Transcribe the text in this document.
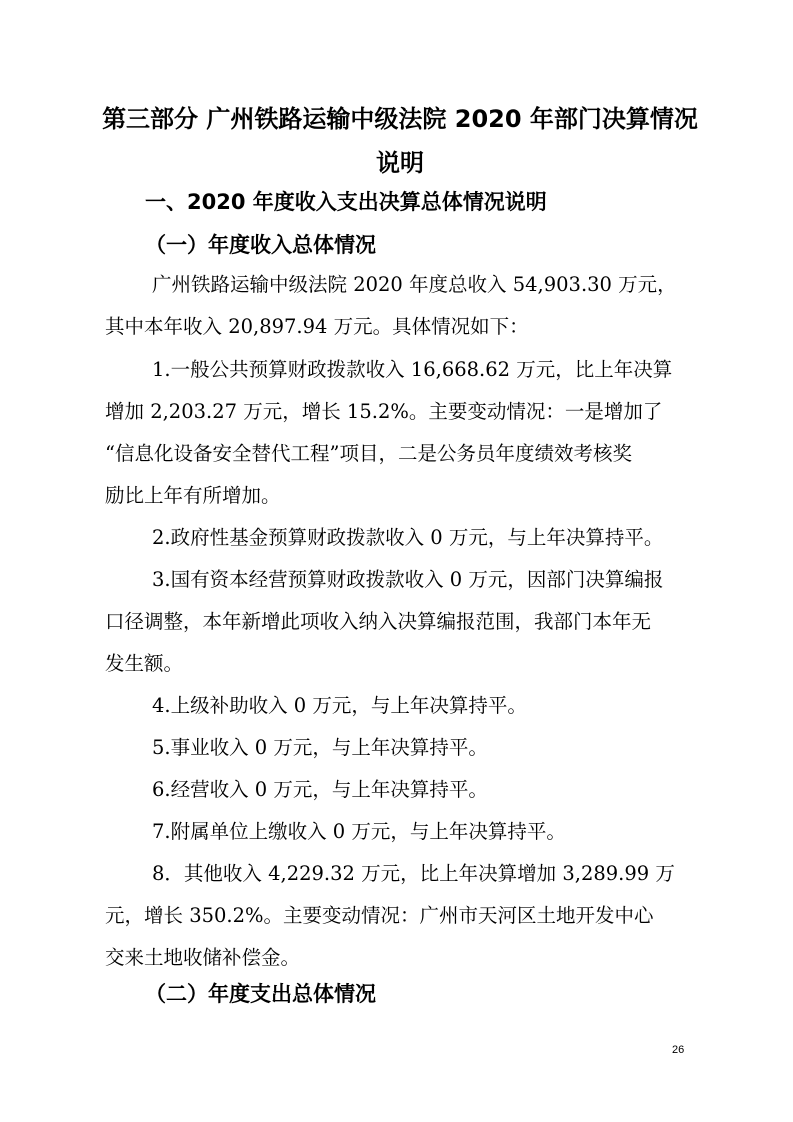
第三部分 广州铁路运输中级法院 2020 年部门决算情况
说明
一、2020 年度收入支出决算总体情况说明
（一）年度收入总体情况
广州铁路运输中级法院 2020 年度总收入 54,903.30 万元，
其中本年收入 20,897.94 万元。具体情况如下：
1.一般公共预算财政拨款收入 16,668.62 万元，比上年决算
增加 2,203.27 万元，增长 15.2%。主要变动情况：一是增加了
“信息化设备安全替代工程”项目，二是公务员年度绩效考核奖
励比上年有所增加。
2.政府性基金预算财政拨款收入 0 万元，与上年决算持平。
3.国有资本经营预算财政拨款收入 0 万元，因部门决算编报
口径调整，本年新增此项收入纳入决算编报范围，我部门本年无
发生额。
4.上级补助收入 0 万元，与上年决算持平。
5.事业收入 0 万元，与上年决算持平。
6.经营收入 0 万元，与上年决算持平。
7.附属单位上缴收入 0 万元，与上年决算持平。
8．其他收入 4,229.32 万元，比上年决算增加 3,289.99 万
元，增长 350.2%。主要变动情况：广州市天河区土地开发中心
交来土地收储补偿金。
（二）年度支出总体情况
26
